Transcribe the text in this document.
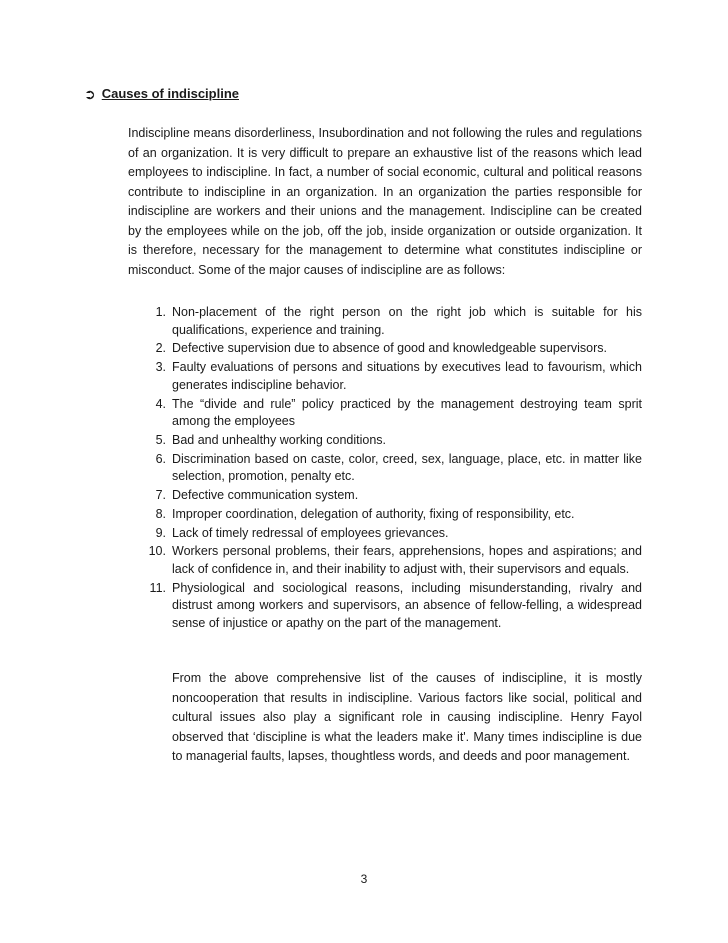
➲ Causes of indiscipline

Indiscipline means disorderliness, Insubordination and not following the rules and regulations of an organization. It is very difficult to prepare an exhaustive list of the reasons which lead employees to indiscipline. In fact, a number of social economic, cultural and political reasons contribute to indiscipline in an organization. In an organization the parties responsible for indiscipline are workers and their unions and the management. Indiscipline can be created by the employees while on the job, off the job, inside organization or outside organization. It is therefore, necessary for the management to determine what constitutes indiscipline or misconduct. Some of the major causes of indiscipline are as follows:

1. Non-placement of the right person on the right job which is suitable for his qualifications, experience and training.
2. Defective supervision due to absence of good and knowledgeable supervisors.
3. Faulty evaluations of persons and situations by executives lead to favourism, which generates indiscipline behavior.
4. The “divide and rule” policy practiced by the management destroying team sprit among the employees
5. Bad and unhealthy working conditions.
6. Discrimination based on caste, color, creed, sex, language, place, etc. in matter like selection, promotion, penalty etc.
7. Defective communication system.
8. Improper coordination, delegation of authority, fixing of responsibility, etc.
9. Lack of timely redressal of employees grievances.
10. Workers personal problems, their fears, apprehensions, hopes and aspirations; and lack of confidence in, and their inability to adjust with, their supervisors and equals.
11. Physiological and sociological reasons, including misunderstanding, rivalry and distrust among workers and supervisors, an absence of fellow-felling, a widespread sense of injustice or apathy on the part of the management.

From the above comprehensive list of the causes of indiscipline, it is mostly noncooperation that results in indiscipline. Various factors like social, political and cultural issues also play a significant role in causing indiscipline. Henry Fayol observed that ‘discipline is what the leaders make it'. Many times indiscipline is due to managerial faults, lapses, thoughtless words, and deeds and poor management.

3
